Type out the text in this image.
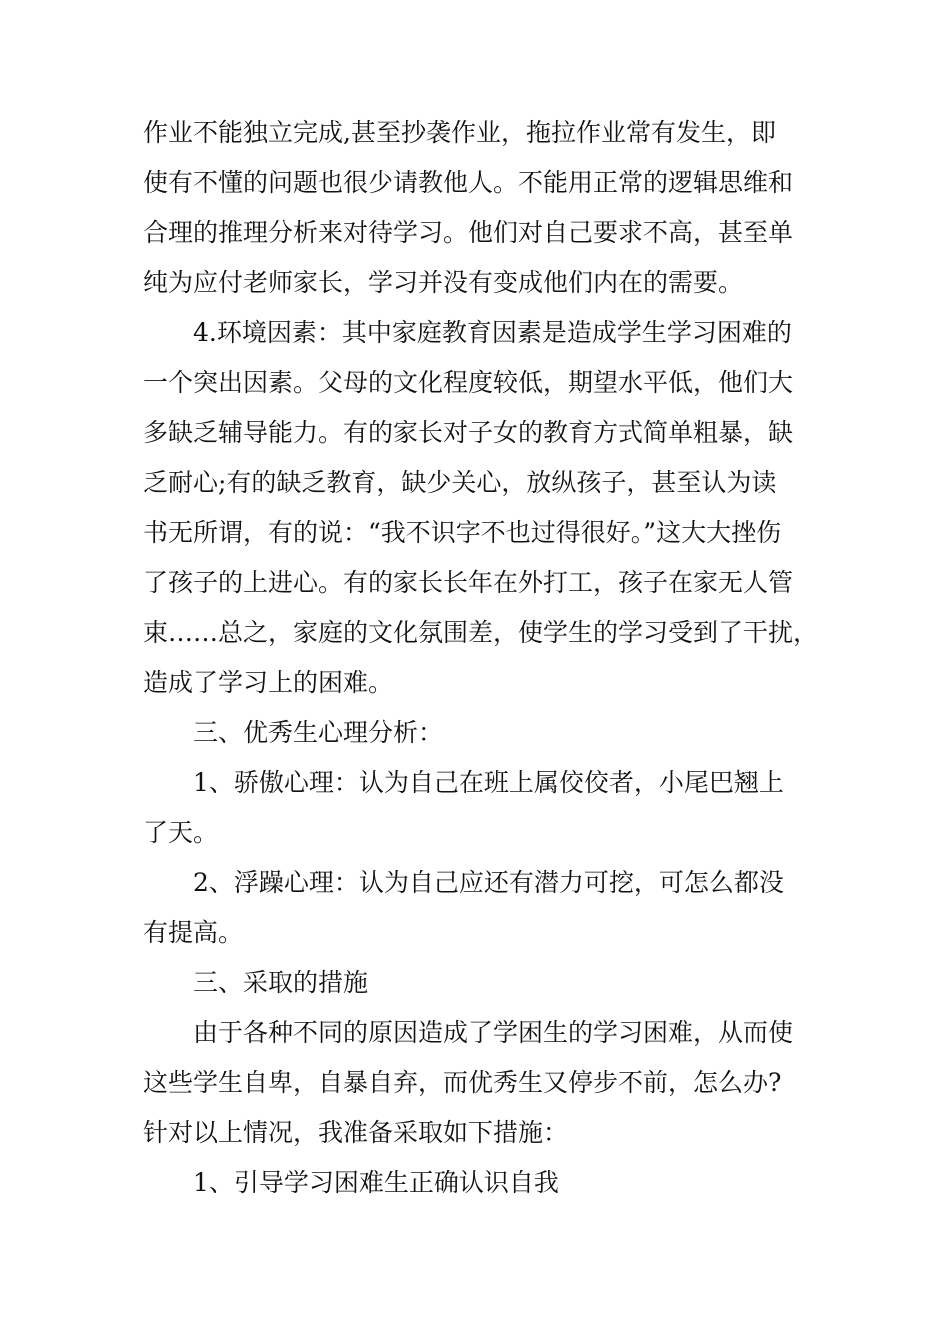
作业不能独立完成,甚至抄袭作业，拖拉作业常有发生，即
使有不懂的问题也很少请教他人。不能用正常的逻辑思维和
合理的推理分析来对待学习。他们对自己要求不高，甚至单
纯为应付老师家长，学习并没有变成他们内在的需要。
4.环境因素：其中家庭教育因素是造成学生学习困难的
一个突出因素。父母的文化程度较低，期望水平低，他们大
多缺乏辅导能力。有的家长对子女的教育方式简单粗暴，缺
乏耐心;有的缺乏教育，缺少关心，放纵孩子，甚至认为读
书无所谓，有的说：“我不识字不也过得很好。”这大大挫伤
了孩子的上进心。有的家长长年在外打工，孩子在家无人管
束……总之，家庭的文化氛围差，使学生的学习受到了干扰，
造成了学习上的困难。
三、优秀生心理分析：
1、骄傲心理：认为自己在班上属佼佼者，小尾巴翘上
了天。
2、浮躁心理：认为自己应还有潜力可挖，可怎么都没
有提高。
三、采取的措施
由于各种不同的原因造成了学困生的学习困难，从而使
这些学生自卑，自暴自弃，而优秀生又停步不前，怎么办?
针对以上情况，我准备采取如下措施：
1、引导学习困难生正确认识自我
